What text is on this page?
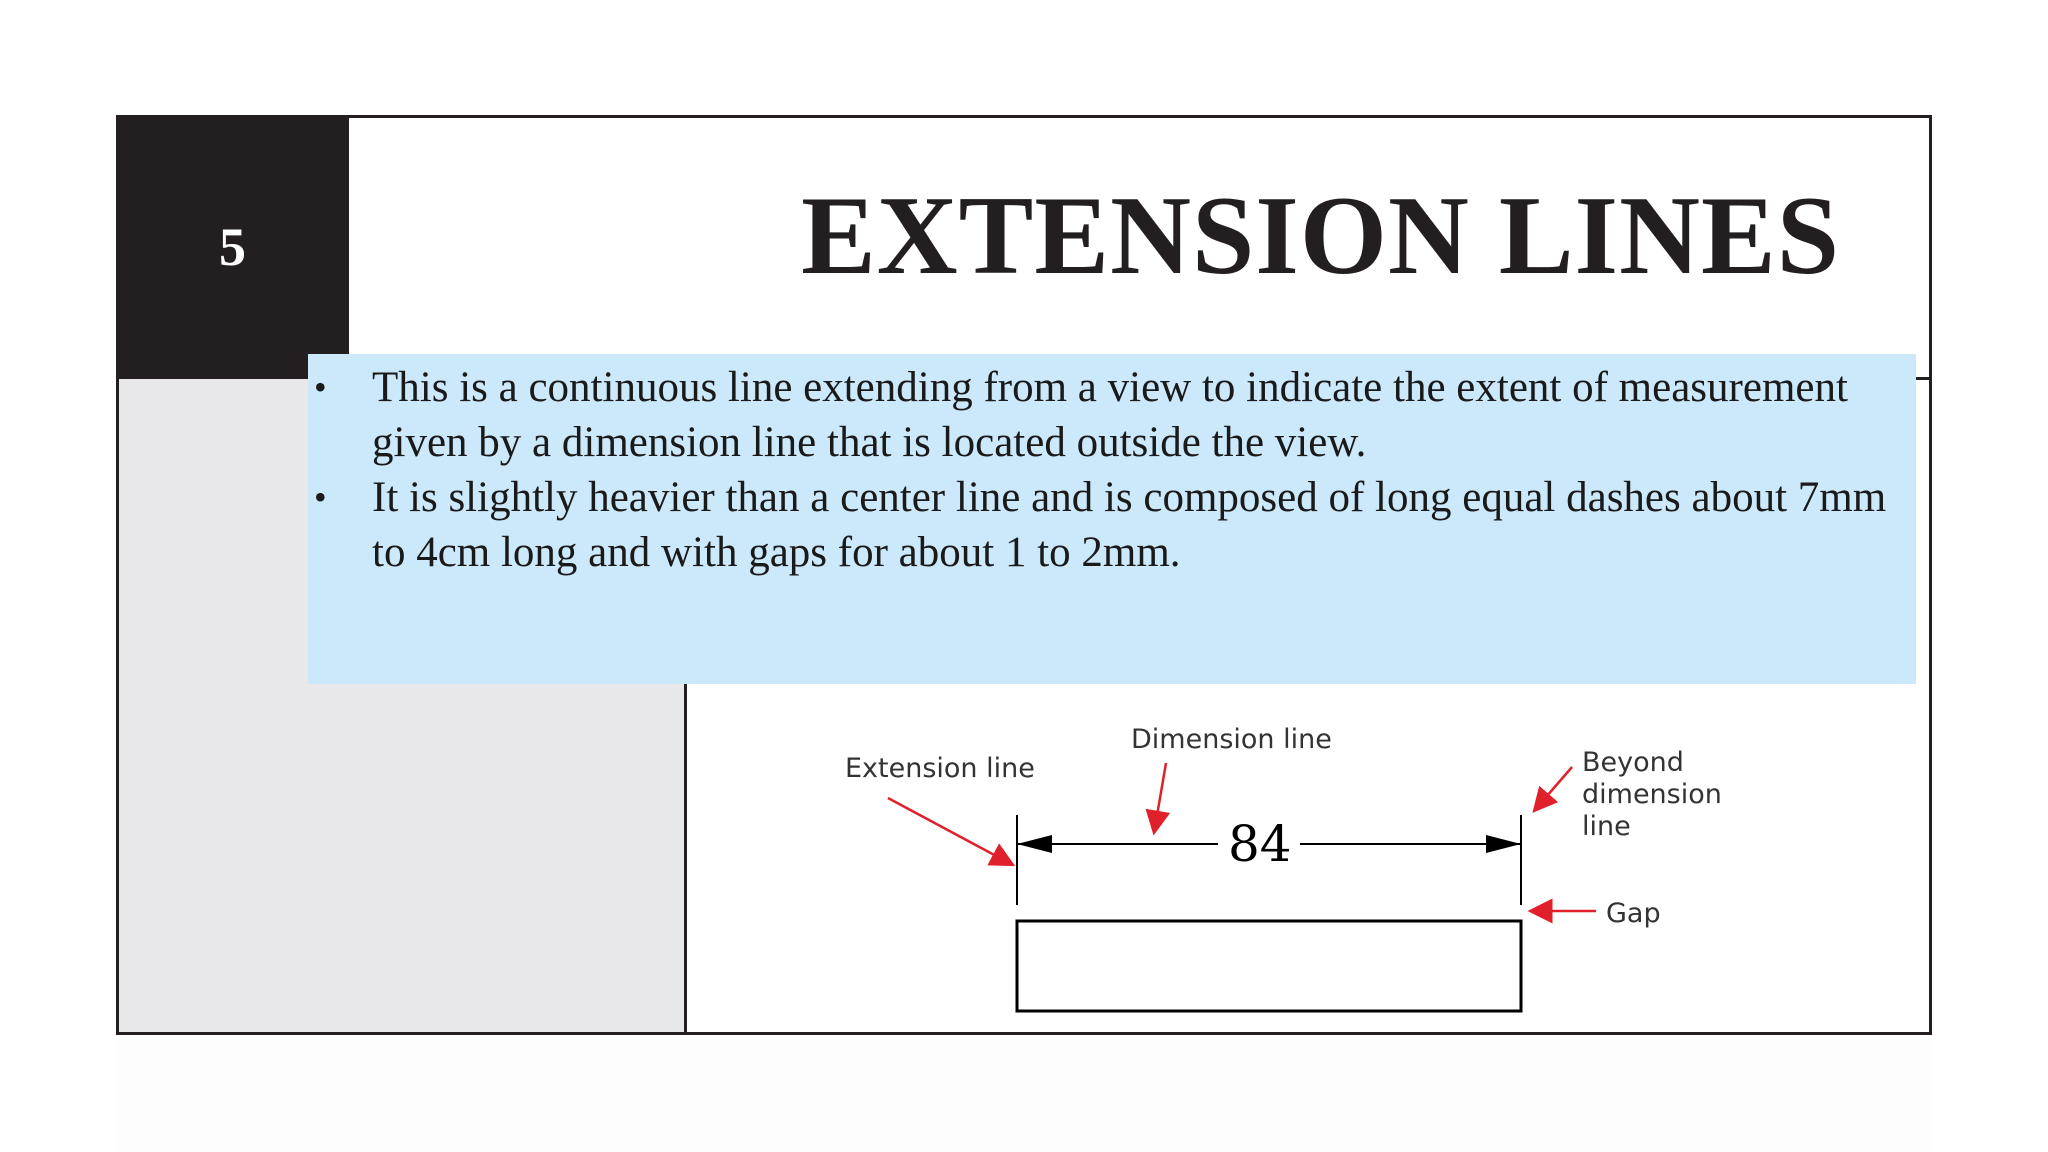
5	EXTENSION LINES
•	This is a continuous line extending from a view to indicate the extent of measurement given by a dimension line that is located outside the view.
•	It is slightly heavier than a center line and is composed of long equal dashes about 7mm to 4cm long and with gaps for about 1 to 2mm.
Extension line
Dimension line
Beyond
dimension
line
Gap
84
